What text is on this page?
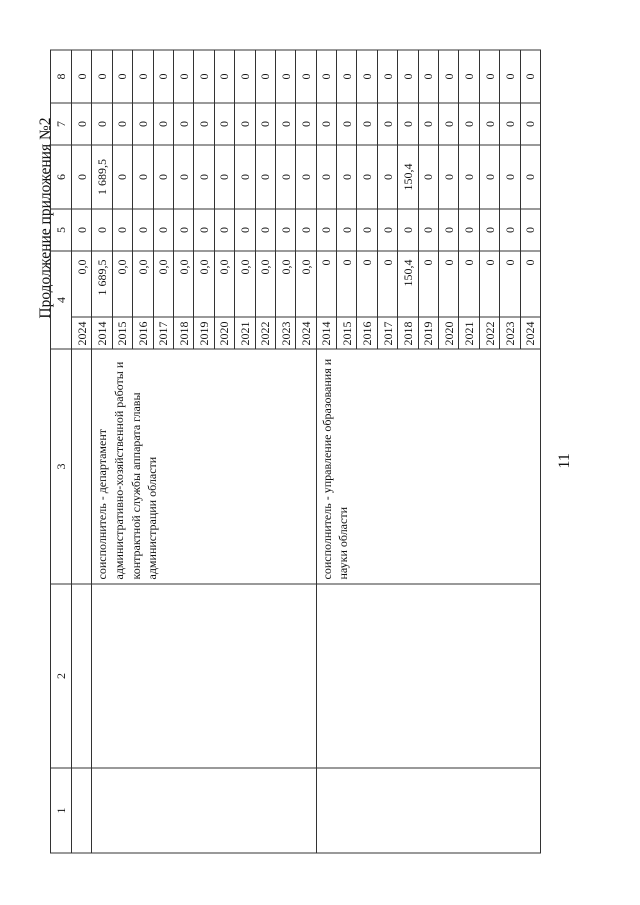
11
Продолжение приложения №2
1	2	3	4		5	6	7	8
			2024	0,0	0	0	0	0
		соисполнитель - департамент административно-хозяйственной работы и контрактной службы аппарата главы администрации области	2014	1 689,5	0	1 689,5	0	0
			2015	0,0	0	0	0	0
			2016	0,0	0	0	0	0
			2017	0,0	0	0	0	0
			2018	0,0	0	0	0	0
			2019	0,0	0	0	0	0
			2020	0,0	0	0	0	0
			2021	0,0	0	0	0	0
			2022	0,0	0	0	0	0
			2023	0,0	0	0	0	0
			2024	0,0	0	0	0	0
		соисполнитель - управление образования и науки области	2014	0	0	0	0	0
			2015	0	0	0	0	0
			2016	0	0	0	0	0
			2017	0	0	0	0	0
			2018	150,4	0	150,4	0	0
			2019	0	0	0	0	0
			2020	0	0	0	0	0
			2021	0	0	0	0	0
			2022	0	0	0	0	0
			2023	0	0	0	0	0
			2024	0	0	0	0	0
